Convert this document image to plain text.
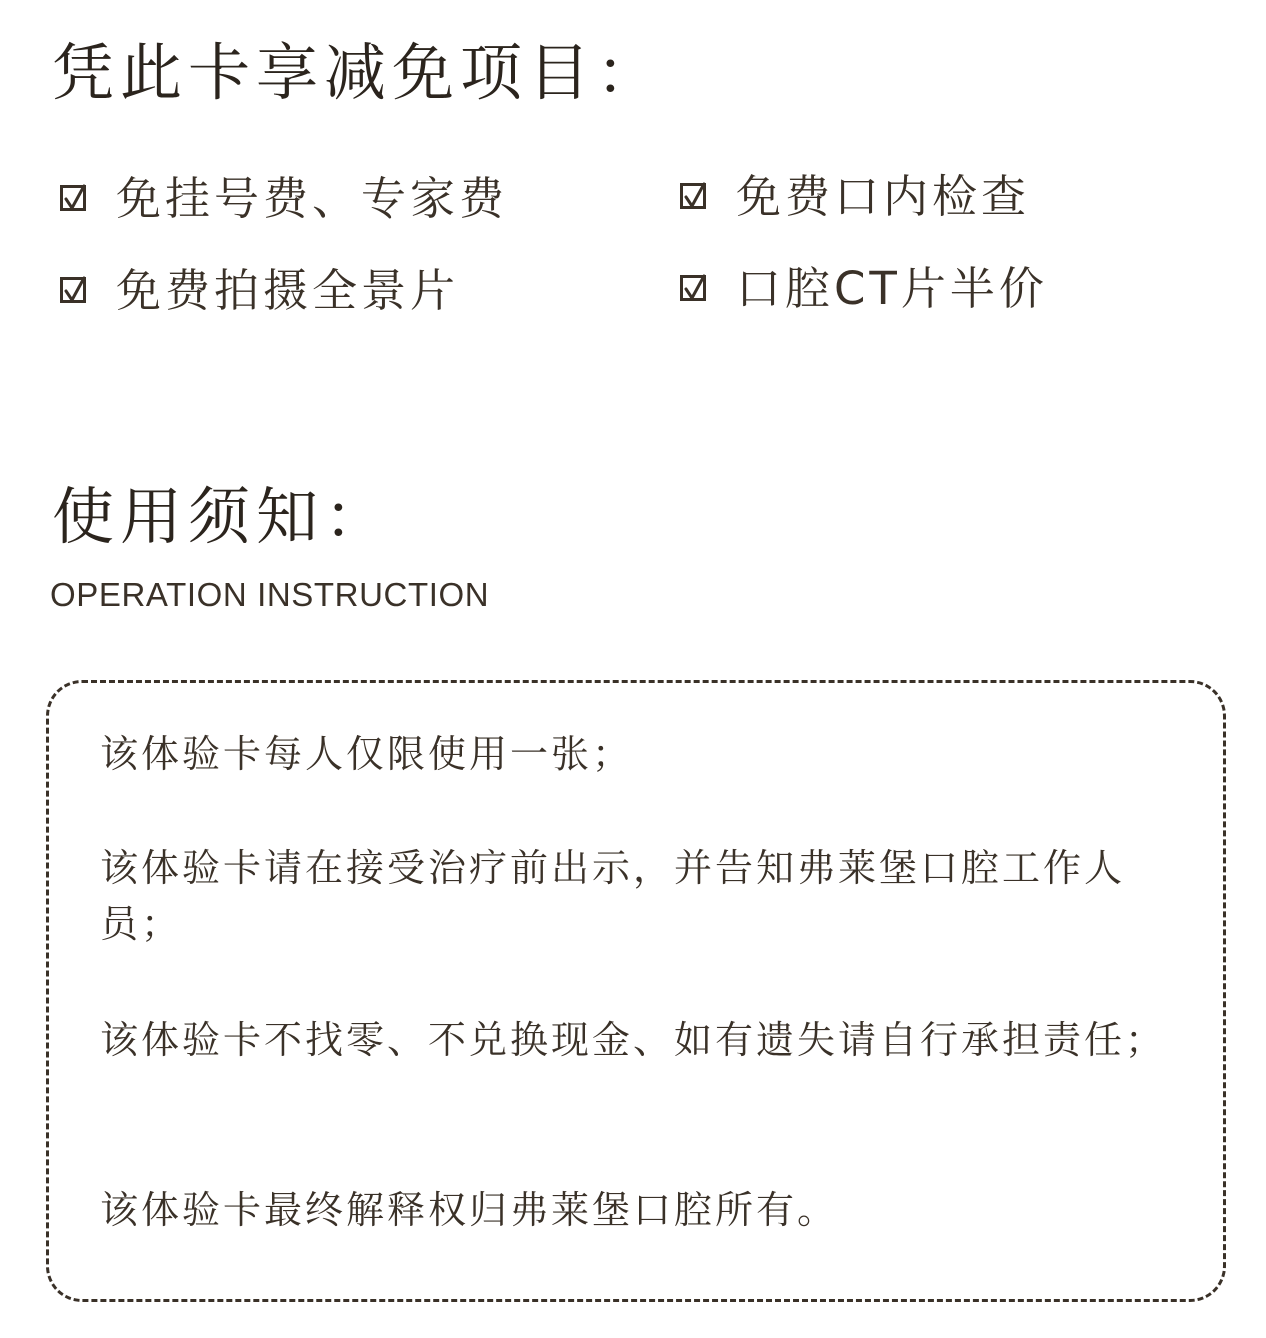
凭此卡享减免项目：
免挂号费、专家费	免费口内检查
免费拍摄全景片	口腔CT片半价
使用须知：
OPERATION INSTRUCTION

该体验卡每人仅限使用一张；

该体验卡请在接受治疗前出示，并告知弗莱堡口腔工作人员；

该体验卡不找零、不兑换现金、如有遗失请自行承担责任；

该体验卡最终解释权归弗莱堡口腔所有。
